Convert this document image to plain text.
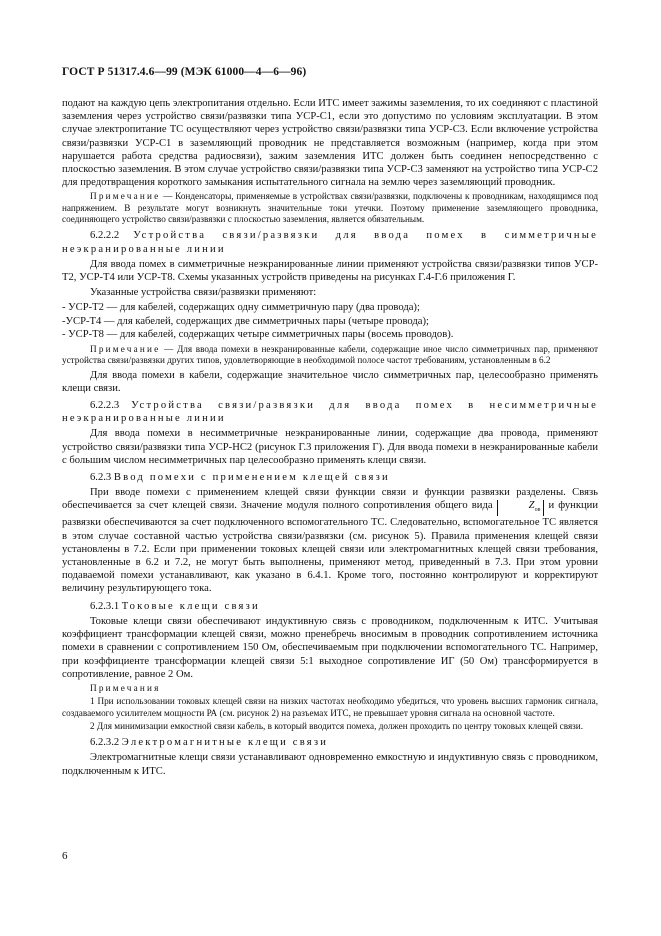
ГОСТ Р 51317.4.6—99 (МЭК 61000—4—6—96)

подают на каждую цепь электропитания отдельно. Если ИТС имеет зажимы заземления, то их соединяют с пластиной заземления через устройство связи/развязки типа УСР-С1, если это допустимо по условиям эксплуатации. В этом случае электропитание ТС осуществляют через устройство связи/развязки типа УСР-С3. Если включение устройства связи/развязки УСР-С1 в заземляющий проводник не представляется возможным (например, когда при этом нарушается работа средства радиосвязи), зажим заземления ИТС должен быть соединен непосредственно с плоскостью заземления. В этом случае устройство связи/развязки типа УСР-С3 заменяют на устройство типа УСР-С2 для предотвращения короткого замыкания испытательного сигнала на землю через заземляющий проводник.

Примечание — Конденсаторы, применяемые в устройствах связи/развязки, подключены к проводникам, находящимся под напряжением. В результате могут возникнуть значительные токи утечки. Поэтому применение заземляющего проводника, соединяющего устройство связи/развязки с плоскостью заземления, является обязательным.

6.2.2.2 Устройства связи/развязки для ввода помех в симметричные неэкранированные линии

Для ввода помех в симметричные неэкранированные линии применяют устройства связи/развязки типов УСР-Т2, УСР-Т4 или УСР-Т8. Схемы указанных устройств приведены на рисунках Г.4-Г.6 приложения Г.

Указанные устройства связи/развязки применяют:

- УСР-Т2 — для кабелей, содержащих одну симметричную пару (два провода);

-УСР-Т4 — для кабелей, содержащих две симметричных пары (четыре провода);

- УСР-Т8 — для кабелей, содержащих четыре симметричных пары (восемь проводов).

Примечание — Для ввода помехи в неэкранированные кабели, содержащие иное число симметричных пар, применяют устройства связи/развязки других типов, удовлетворяющие в необходимой полосе частот требованиям, установленным в 6.2

Для ввода помехи в кабели, содержащие значительное число симметричных пар, целесообразно применять клещи связи.

6.2.2.3 Устройства связи/развязки для ввода помех в несимметричные неэкранированные линии

Для ввода помехи в несимметричные неэкранированные линии, содержащие два провода, применяют устройство связи/развязки типа УСР-НС2 (рисунок Г.3 приложения Г). Для ввода помехи в неэкранированные кабели с большим числом несимметричных пар целесообразно применять клещи связи.

6.2.3 Ввод помехи с применением клещей связи

При вводе помехи с применением клещей связи функции связи и функции развязки разделены. Связь обеспечивается за счет клещей связи. Значение модуля полного сопротивления общего вида	$Z_{ов}$ и функции развязки обеспечиваются за счет подключенного вспомогательного ТС. Следовательно, вспомогательное ТС является в этом случае составной частью устройства связи/развязки (см. рисунок 5). Правила применения клещей связи установлены в 7.2. Если при применении токовых клещей связи или электромагнитных клещей связи требования, установленные в 6.2 и 7.2, не могут быть выполнены, применяют метод, приведенный в 7.3. При этом уровни подаваемой помехи устанавливают, как указано в 6.4.1. Кроме того, постоянно контролируют и корректируют величину результирующего тока.

6.2.3.1 Токовые клещи связи

Токовые клещи связи обеспечивают индуктивную связь с проводником, подключенным к ИТС. Учитывая коэффициент трансформации клещей связи, можно пренебречь вносимым в проводник сопротивлением источника помехи в сравнении с сопротивлением 150 Ом, обеспечиваемым при подключении вспомогательного ТС. Например, при коэффициенте трансформации клещей связи 5:1 выходное сопротивление ИГ (50 Ом) трансформируется в сопротивление, равное 2 Ом.

Примечания

1 При использовании токовых клещей связи на низких частотах необходимо убедиться, что уровень высших гармоник сигнала, создаваемого усилителем мощности РА (см. рисунок 2) на разъемах ИТС, не превышает уровня сигнала на основной частоте.

2 Для минимизации емкостной связи кабель, в который вводится помеха, должен проходить по центру токовых клещей связи.

6.2.3.2 Электромагнитные клещи связи

Электромагнитные клещи связи устанавливают одновременно емкостную и индуктивную связь с проводником, подключенным к ИТС.

6
